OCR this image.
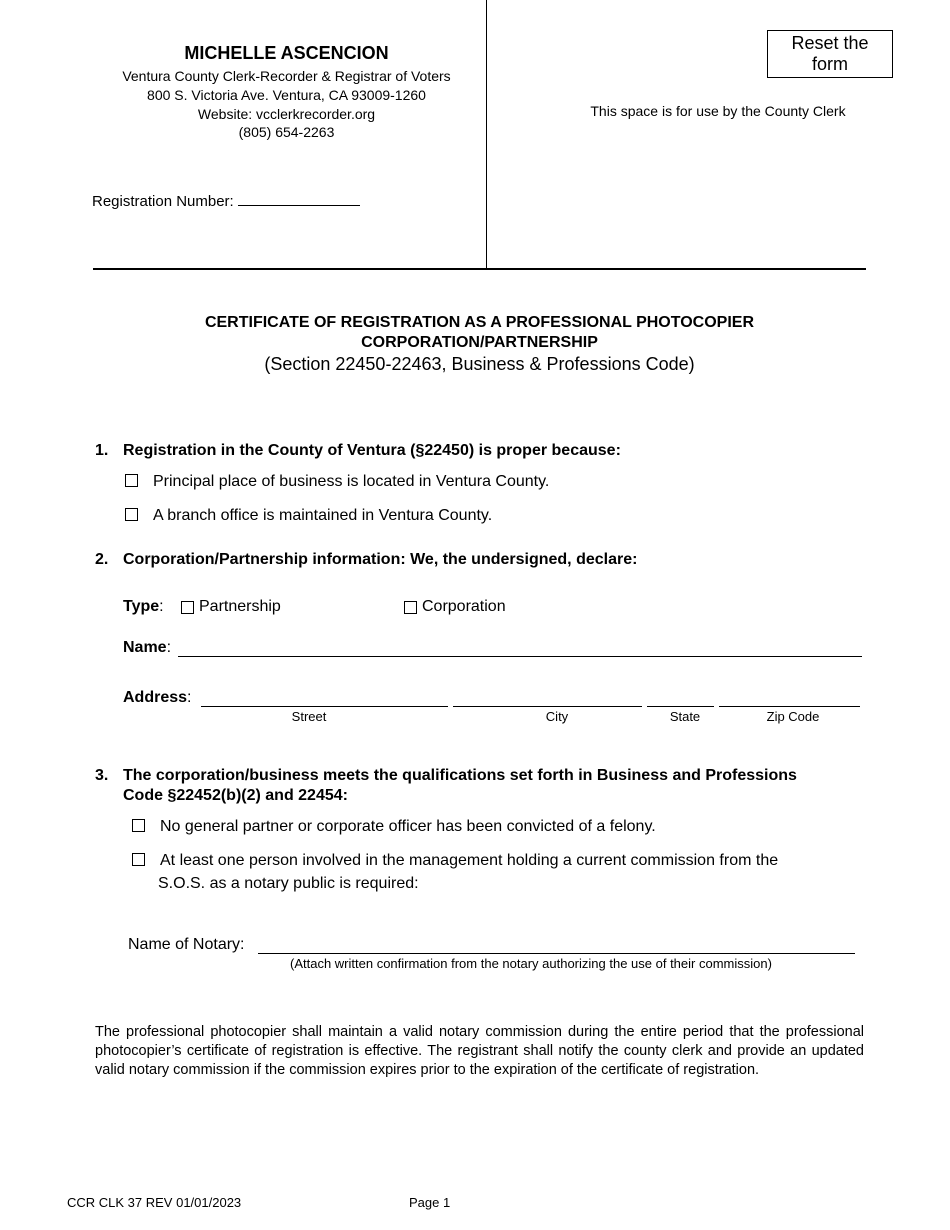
MICHELLE ASCENCION
Ventura County Clerk-Recorder & Registrar of Voters
800 S. Victoria Ave. Ventura, CA 93009-1260
Website: vcclerkrecorder.org
(805) 654-2263
Registration Number:
Reset the form
This space is for use by the County Clerk
CERTIFICATE OF REGISTRATION AS A PROFESSIONAL PHOTOCOPIER
CORPORATION/PARTNERSHIP
(Section 22450-22463, Business & Professions Code)
1. Registration in the County of Ventura (§22450) is proper because:
Principal place of business is located in Ventura County.
A branch office is maintained in Ventura County.
2. Corporation/Partnership information: We, the undersigned, declare:
Type: Partnership	Corporation
Name:
Address:
Street	City	State	Zip Code
3. The corporation/business meets the qualifications set forth in Business and Professions
Code §22452(b)(2) and 22454:
No general partner or corporate officer has been convicted of a felony.
At least one person involved in the management holding a current commission from the
S.O.S. as a notary public is required:
Name of Notary:
(Attach written confirmation from the notary authorizing the use of their commission)
The professional photocopier shall maintain a valid notary commission during the entire period that the professional photocopier’s certificate of registration is effective. The registrant shall notify the county clerk and provide an updated valid notary commission if the commission expires prior to the expiration of the certificate of registration.
CCR CLK 37 REV 01/01/2023	Page 1
